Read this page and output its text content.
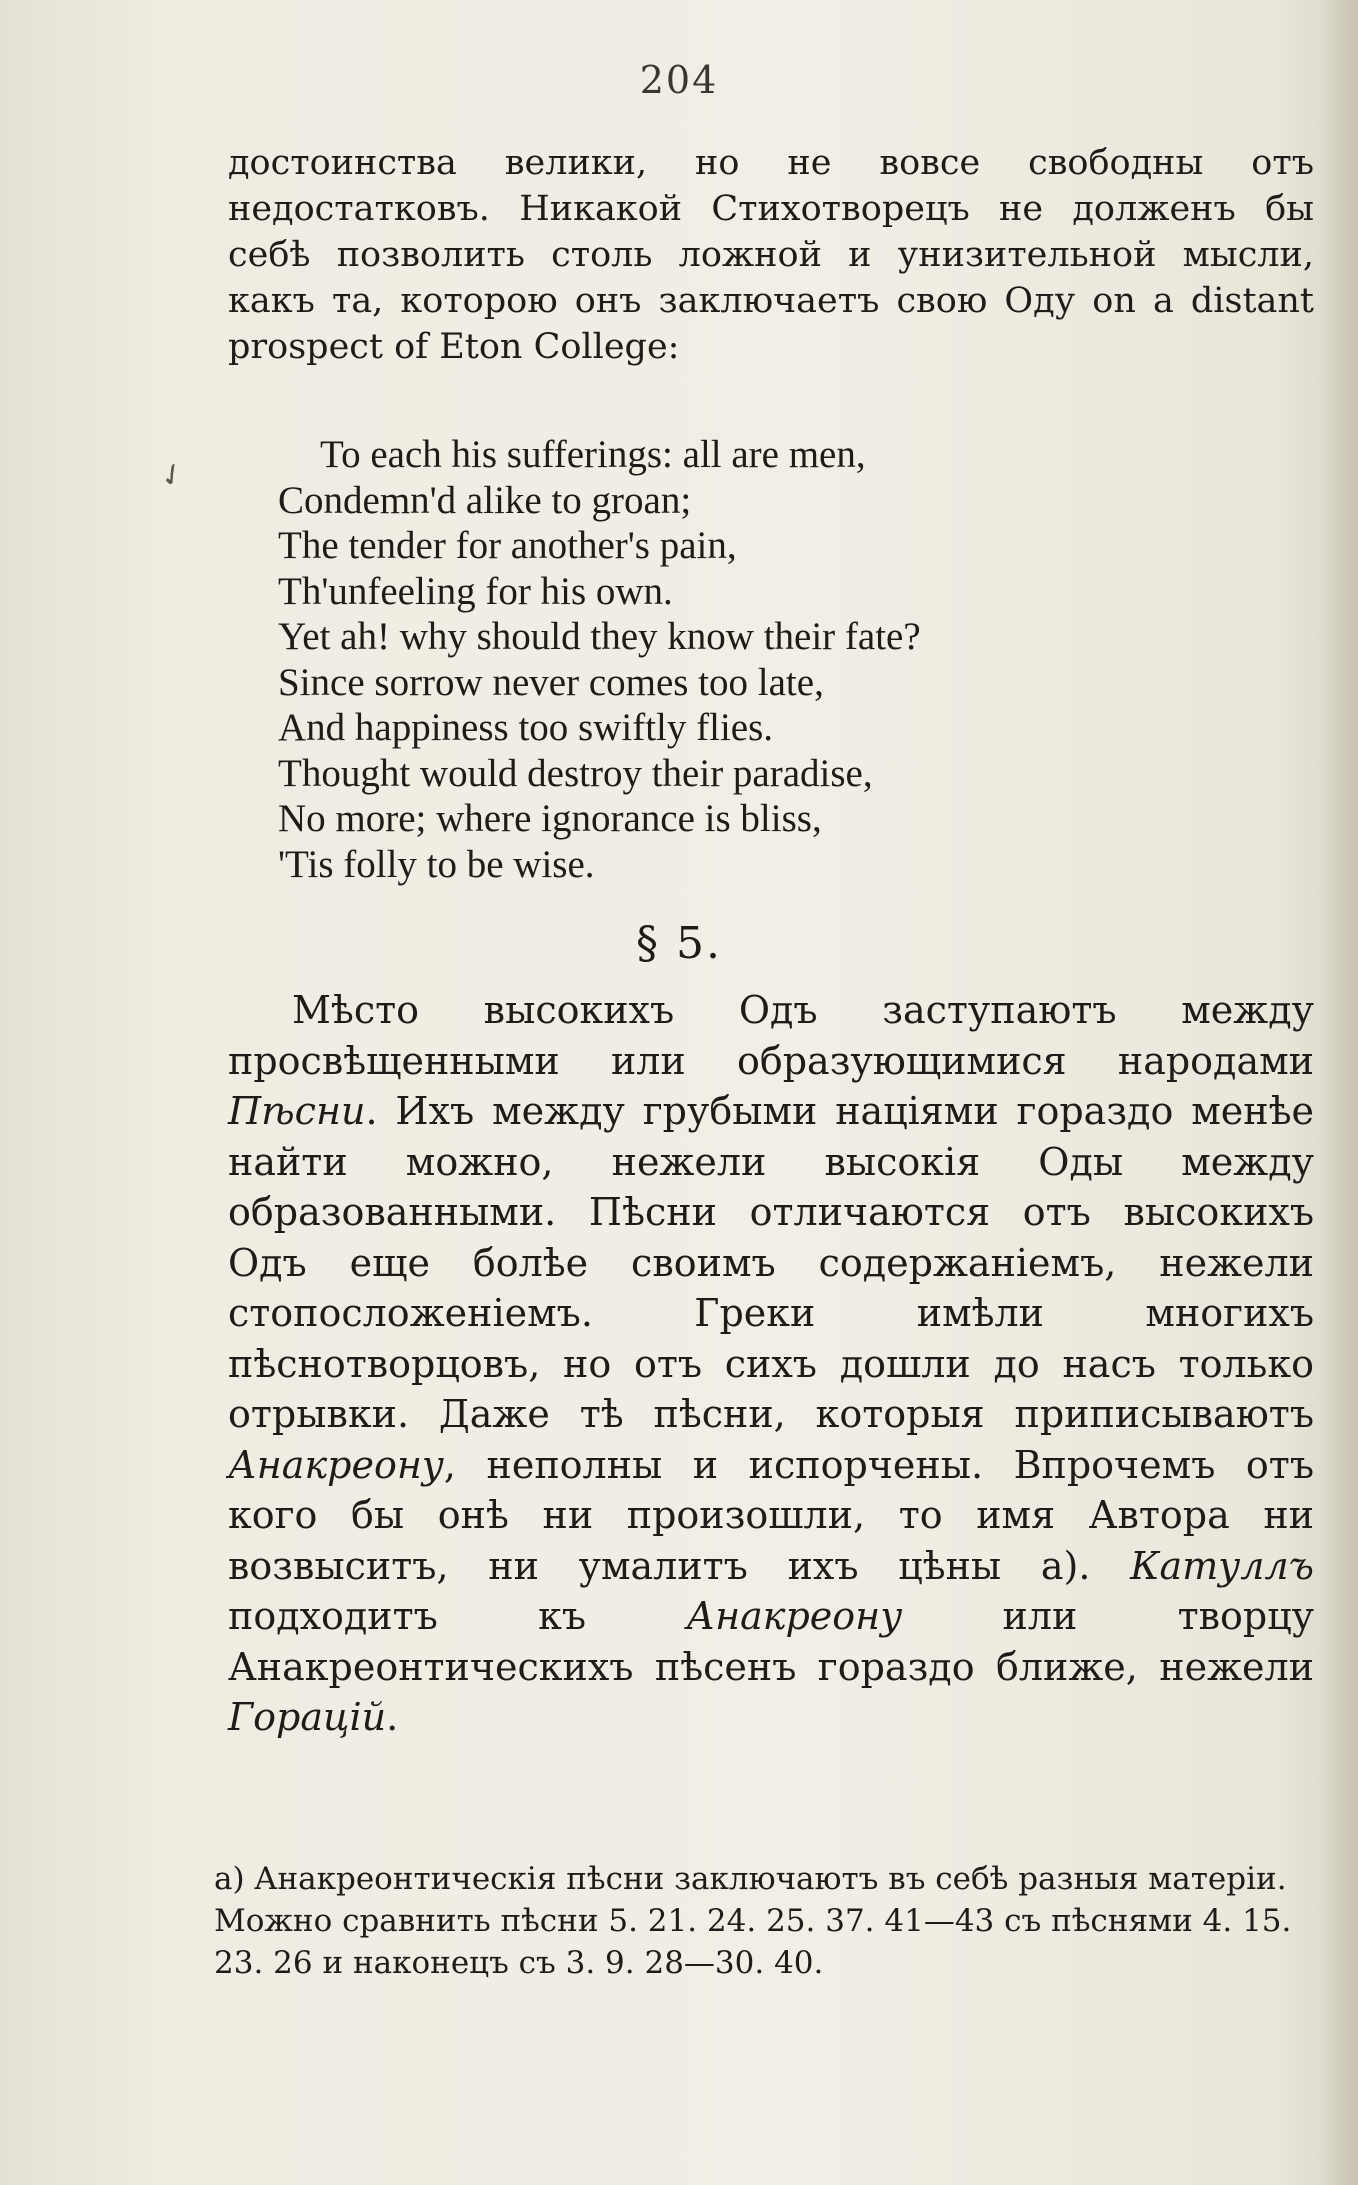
204

достоинства велики, но не вовсе свободны отъ недостатковъ. Никакой Стихотворецъ не долженъ бы себѣ позволить столь ложной и унизительной мысли, какъ та, которою онъ заключаетъ свою Оду on a distant prospect of Eton College:

✓	To each his sufferings: all are men,
Condemn'd alike to groan;
The tender for another's pain,
Th'unfeeling for his own.
Yet ah! why should they know their fate?
Since sorrow never comes too late,
And happiness too swiftly flies.
Thought would destroy their paradise,
No more; where ignorance is bliss,
'Tis folly to be wise.
§ 5.

Мѣсто высокихъ Одъ заступаютъ между просвѣщенными или образующимися народами Пѣсни. Ихъ между грубыми націями гораздо менѣе найти можно, нежели высокія Оды между образованными. Пѣсни отличаются отъ высокихъ Одъ еще болѣе своимъ содержаніемъ, нежели стопосложеніемъ. Греки имѣли многихъ пѣснотворцовъ, но отъ сихъ дошли до насъ только отрывки. Даже тѣ пѣсни, которыя приписываютъ Анакреону, неполны и испорчены. Впрочемъ отъ кого бы онѣ ни произошли, то имя Автора ни возвыситъ, ни умалитъ ихъ цѣны а). Катуллъ подходитъ къ Анакреону или творцу Анакреонтическихъ пѣсенъ гораздо ближе, нежели Горацій.

а) Анакреонтическія пѣсни заключаютъ въ себѣ разныя матеріи. Можно сравнить пѣсни 5. 21. 24. 25. 37. 41—43 съ пѣснями 4. 15. 23. 26 и наконецъ съ 3. 9. 28—30. 40.
